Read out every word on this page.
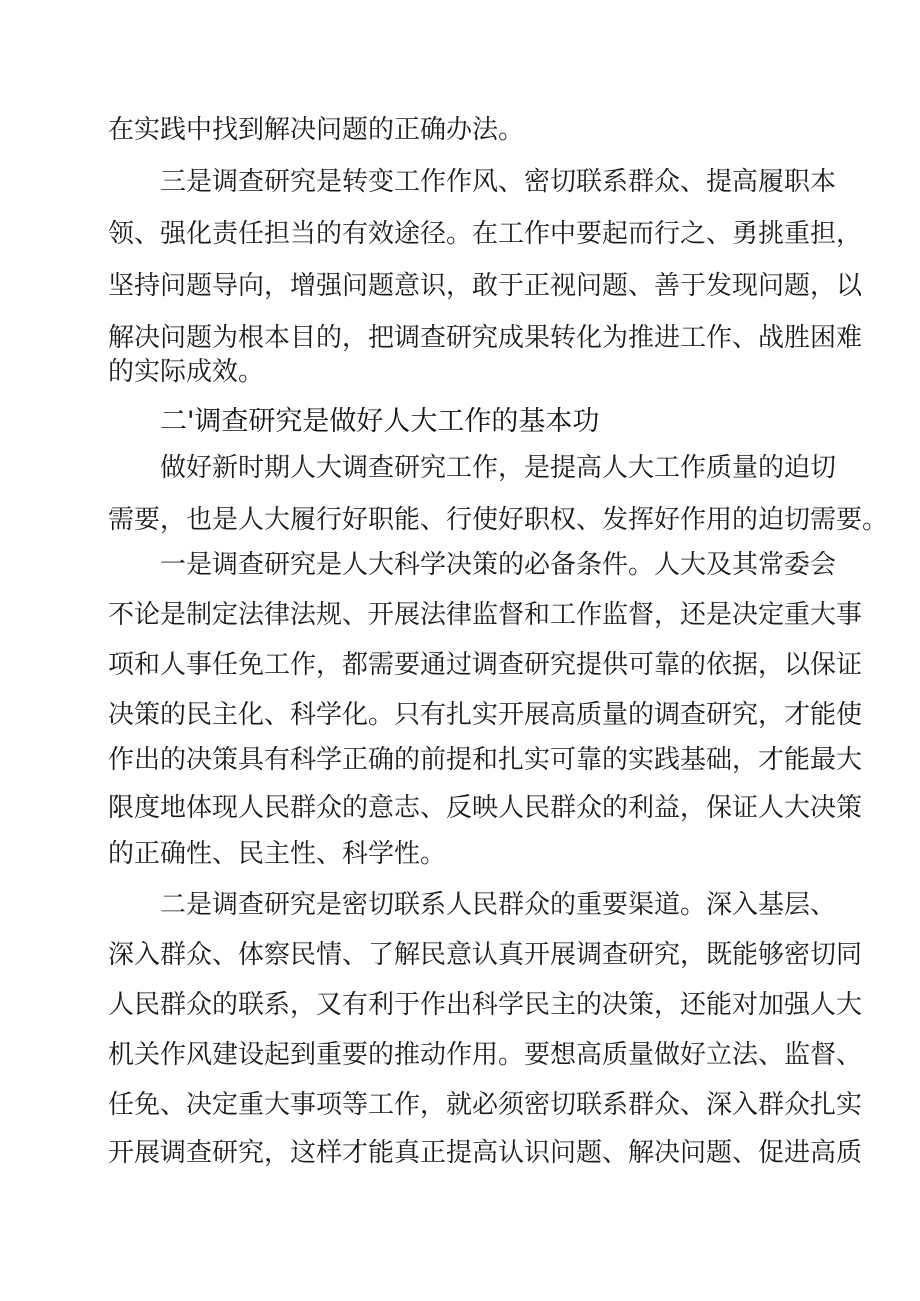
在实践中找到解决问题的正确办法。
三是调查研究是转变工作作风、密切联系群众、提高履职本
领、强化责任担当的有效途径。在工作中要起而行之、勇挑重担，
坚持问题导向，增强问题意识，敢于正视问题、善于发现问题，以
解决问题为根本目的，把调查研究成果转化为推进工作、战胜困难
的实际成效。
二'调查研究是做好人大工作的基本功
做好新时期人大调查研究工作，是提高人大工作质量的迫切
需要，也是人大履行好职能、行使好职权、发挥好作用的迫切需要。
一是调查研究是人大科学决策的必备条件。人大及其常委会
不论是制定法律法规、开展法律监督和工作监督，还是决定重大事
项和人事任免工作，都需要通过调查研究提供可靠的依据，以保证
决策的民主化、科学化。只有扎实开展高质量的调查研究，才能使
作出的决策具有科学正确的前提和扎实可靠的实践基础，才能最大
限度地体现人民群众的意志、反映人民群众的利益，保证人大决策
的正确性、民主性、科学性。
二是调查研究是密切联系人民群众的重要渠道。深入基层、
深入群众、体察民情、了解民意认真开展调查研究，既能够密切同
人民群众的联系，又有利于作出科学民主的决策，还能对加强人大
机关作风建设起到重要的推动作用。要想高质量做好立法、监督、
任免、决定重大事项等工作，就必须密切联系群众、深入群众扎实
开展调查研究，这样才能真正提高认识问题、解决问题、促进高质
